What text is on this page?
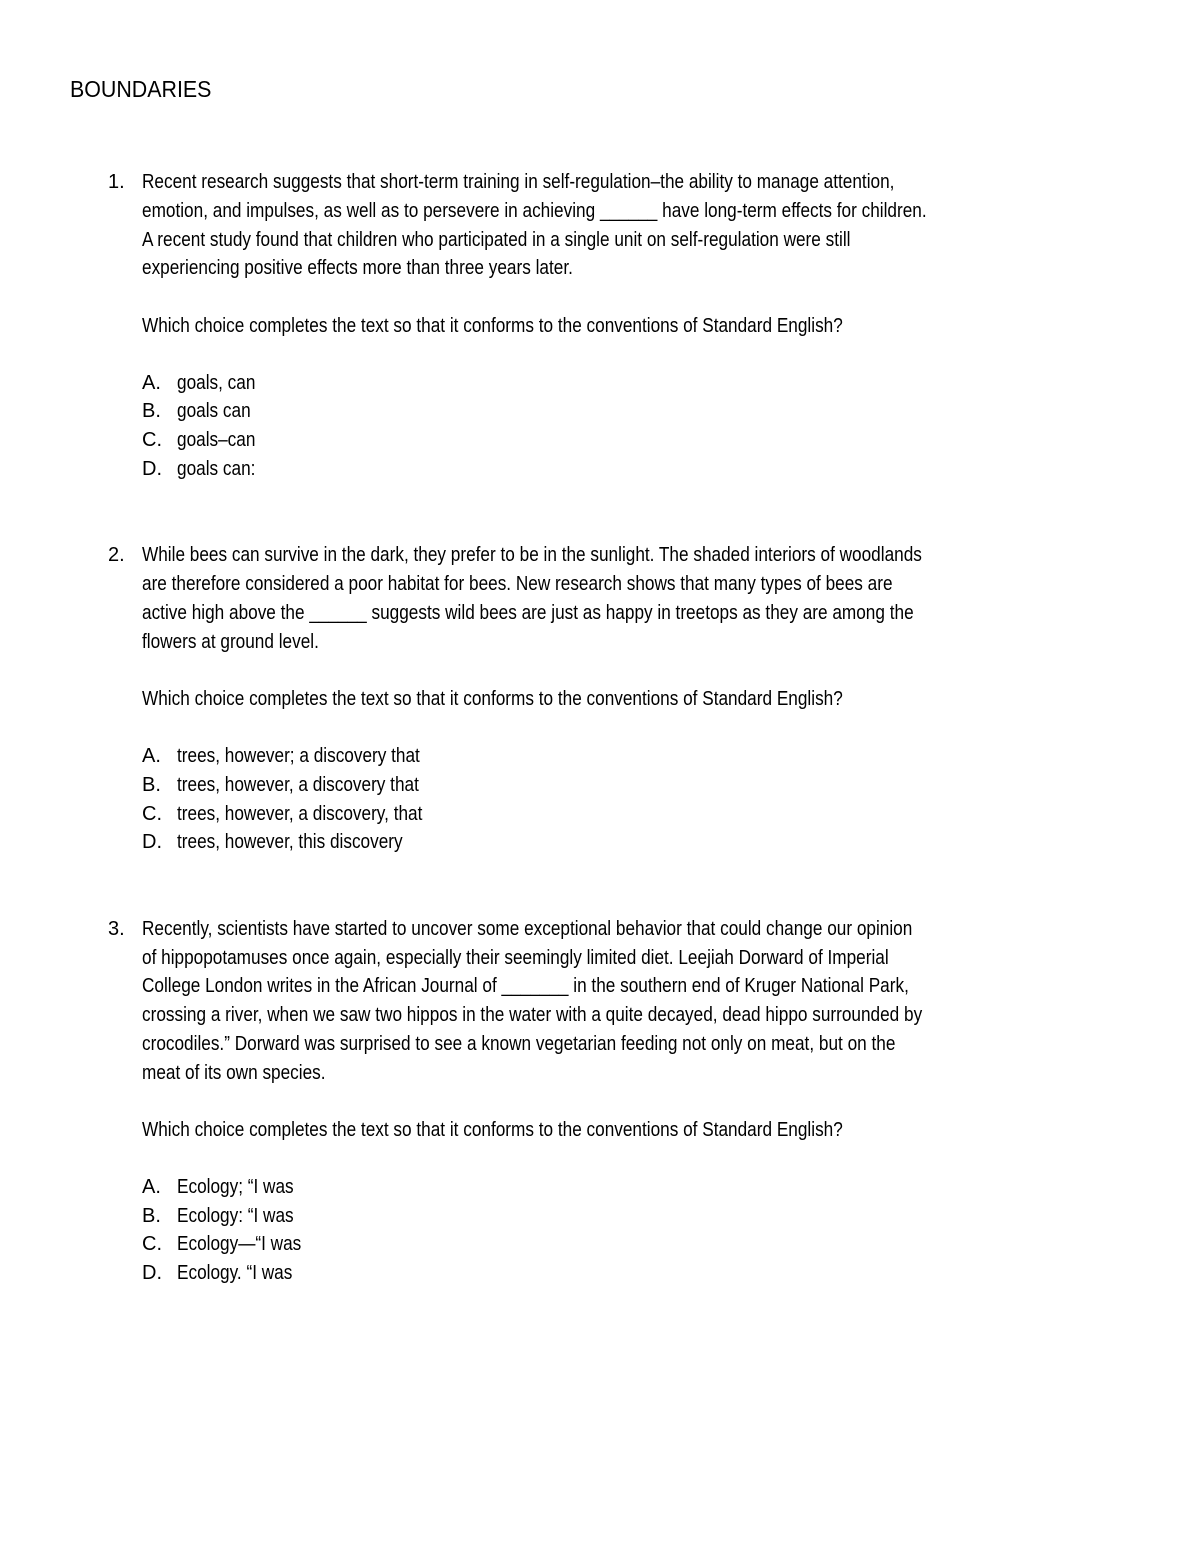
BOUNDARIES
1. Recent research suggests that short-term training in self-regulation–the ability to manage attention,
emotion, and impulses, as well as to persevere in achieving ______ have long-term effects for children.
A recent study found that children who participated in a single unit on self-regulation were still
experiencing positive effects more than three years later.
Which choice completes the text so that it conforms to the conventions of Standard English?
A. goals, can
B. goals can
C. goals–can
D. goals can:
2. While bees can survive in the dark, they prefer to be in the sunlight. The shaded interiors of woodlands
are therefore considered a poor habitat for bees. New research shows that many types of bees are
active high above the ______ suggests wild bees are just as happy in treetops as they are among the
flowers at ground level.
Which choice completes the text so that it conforms to the conventions of Standard English?
A. trees, however; a discovery that
B. trees, however, a discovery that
C. trees, however, a discovery, that
D. trees, however, this discovery
3. Recently, scientists have started to uncover some exceptional behavior that could change our opinion
of hippopotamuses once again, especially their seemingly limited diet. Leejiah Dorward of Imperial
College London writes in the African Journal of _______ in the southern end of Kruger National Park,
crossing a river, when we saw two hippos in the water with a quite decayed, dead hippo surrounded by
crocodiles.” Dorward was surprised to see a known vegetarian feeding not only on meat, but on the
meat of its own species.
Which choice completes the text so that it conforms to the conventions of Standard English?
A. Ecology; “I was
B. Ecology: “I was
C. Ecology—“I was
D. Ecology. “I was
